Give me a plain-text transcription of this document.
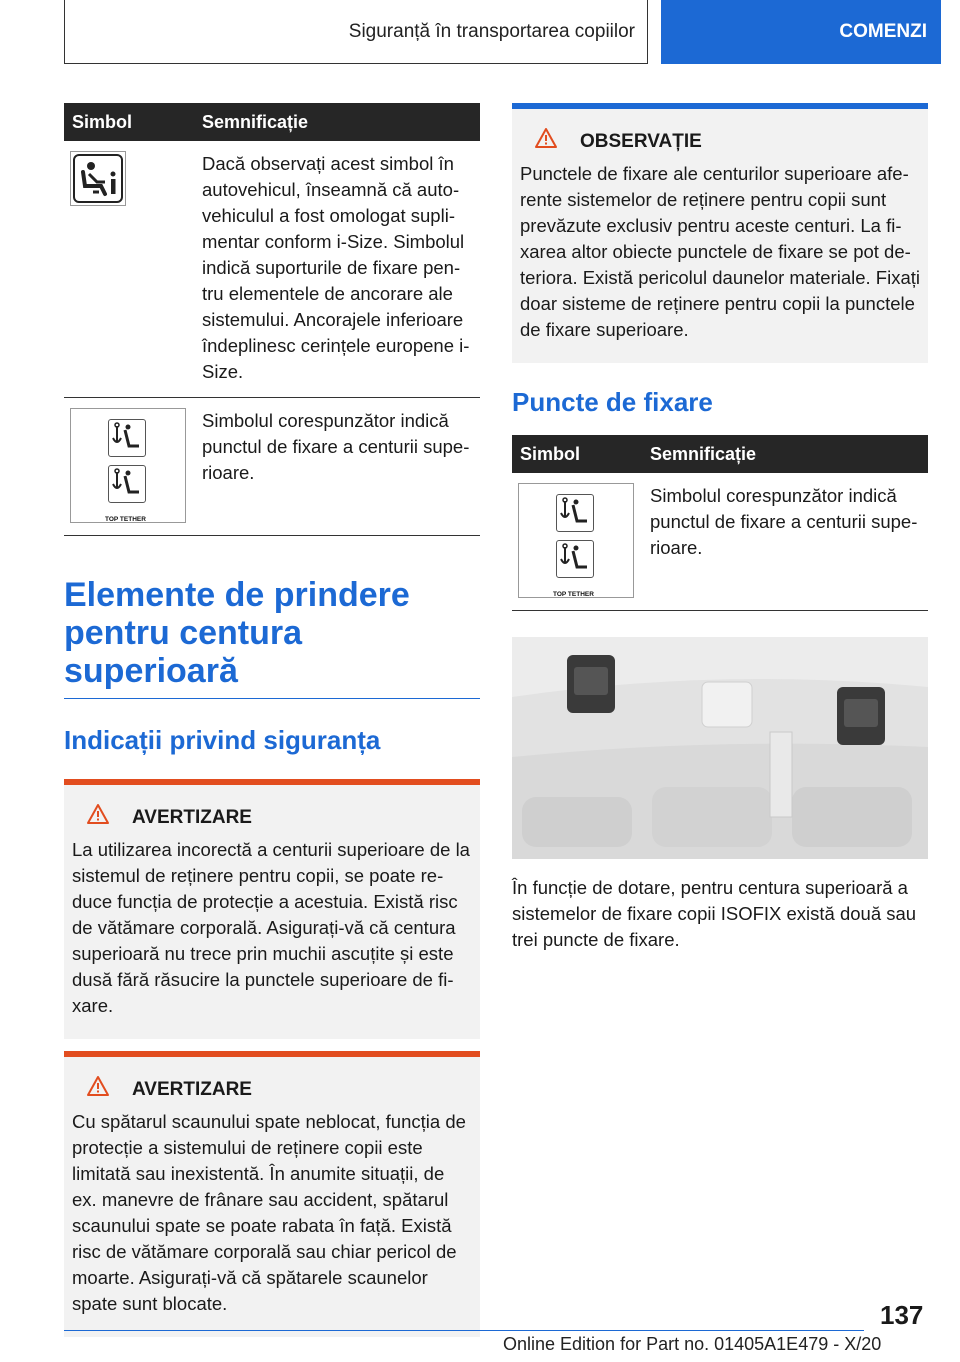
Siguranță în transportarea copiilor	COMENZI
Simbol	Semnificație

	Dacă observați acest simbol în autovehicul, înseamnă că autovehiculul a fost omologat suplimentar conform i-Size. Simbolul indică suporturile de fixare pentru elementele de ancorare ale sistemului. Ancorajele inferioare îndeplinesc cerințele europene i-Size.

TOP TETHER	Simbolul corespunzător indică punctul de fixare a centurii superioare.
Elemente de prindere pentru centura superioară
Indicații privind siguranța
AVERTIZARE
La utilizarea incorectă a centurii superioare de la sistemul de reținere pentru copii, se poate reduce funcția de protecție a acestuia. Există risc de vătămare corporală. Asigurați-vă că centura superioară nu trece prin muchii ascuțite și este dusă fără răsucire la punctele superioare de fixare.
AVERTIZARE
Cu spătarul scaunului spate neblocat, funcția de protecție a sistemului de reținere copii este limitată sau inexistentă. În anumite situații, de ex. manevre de frânare sau accident, spătarul scaunului spate se poate rabata în față. Există risc de vătămare corporală sau chiar pericol de moarte. Asigurați-vă că spătarele scaunelor spate sunt blocate.
OBSERVAȚIE
Punctele de fixare ale centurilor superioare aferente sistemelor de reținere pentru copii sunt prevăzute exclusiv pentru aceste centuri. La fixarea altor obiecte punctele de fixare se pot deteriora. Există pericolul daunelor materiale. Fixați doar sisteme de reținere pentru copii la punctele de fixare superioare.
Puncte de fixare
Simbol	Semnificație

TOP TETHER	Simbolul corespunzător indică punctul de fixare a centurii superioare.
În funcție de dotare, pentru centura superioară a sistemelor de fixare copii ISOFIX există două sau trei puncte de fixare.
137
Online Edition for Part no. 01405A1E479 - X/20
